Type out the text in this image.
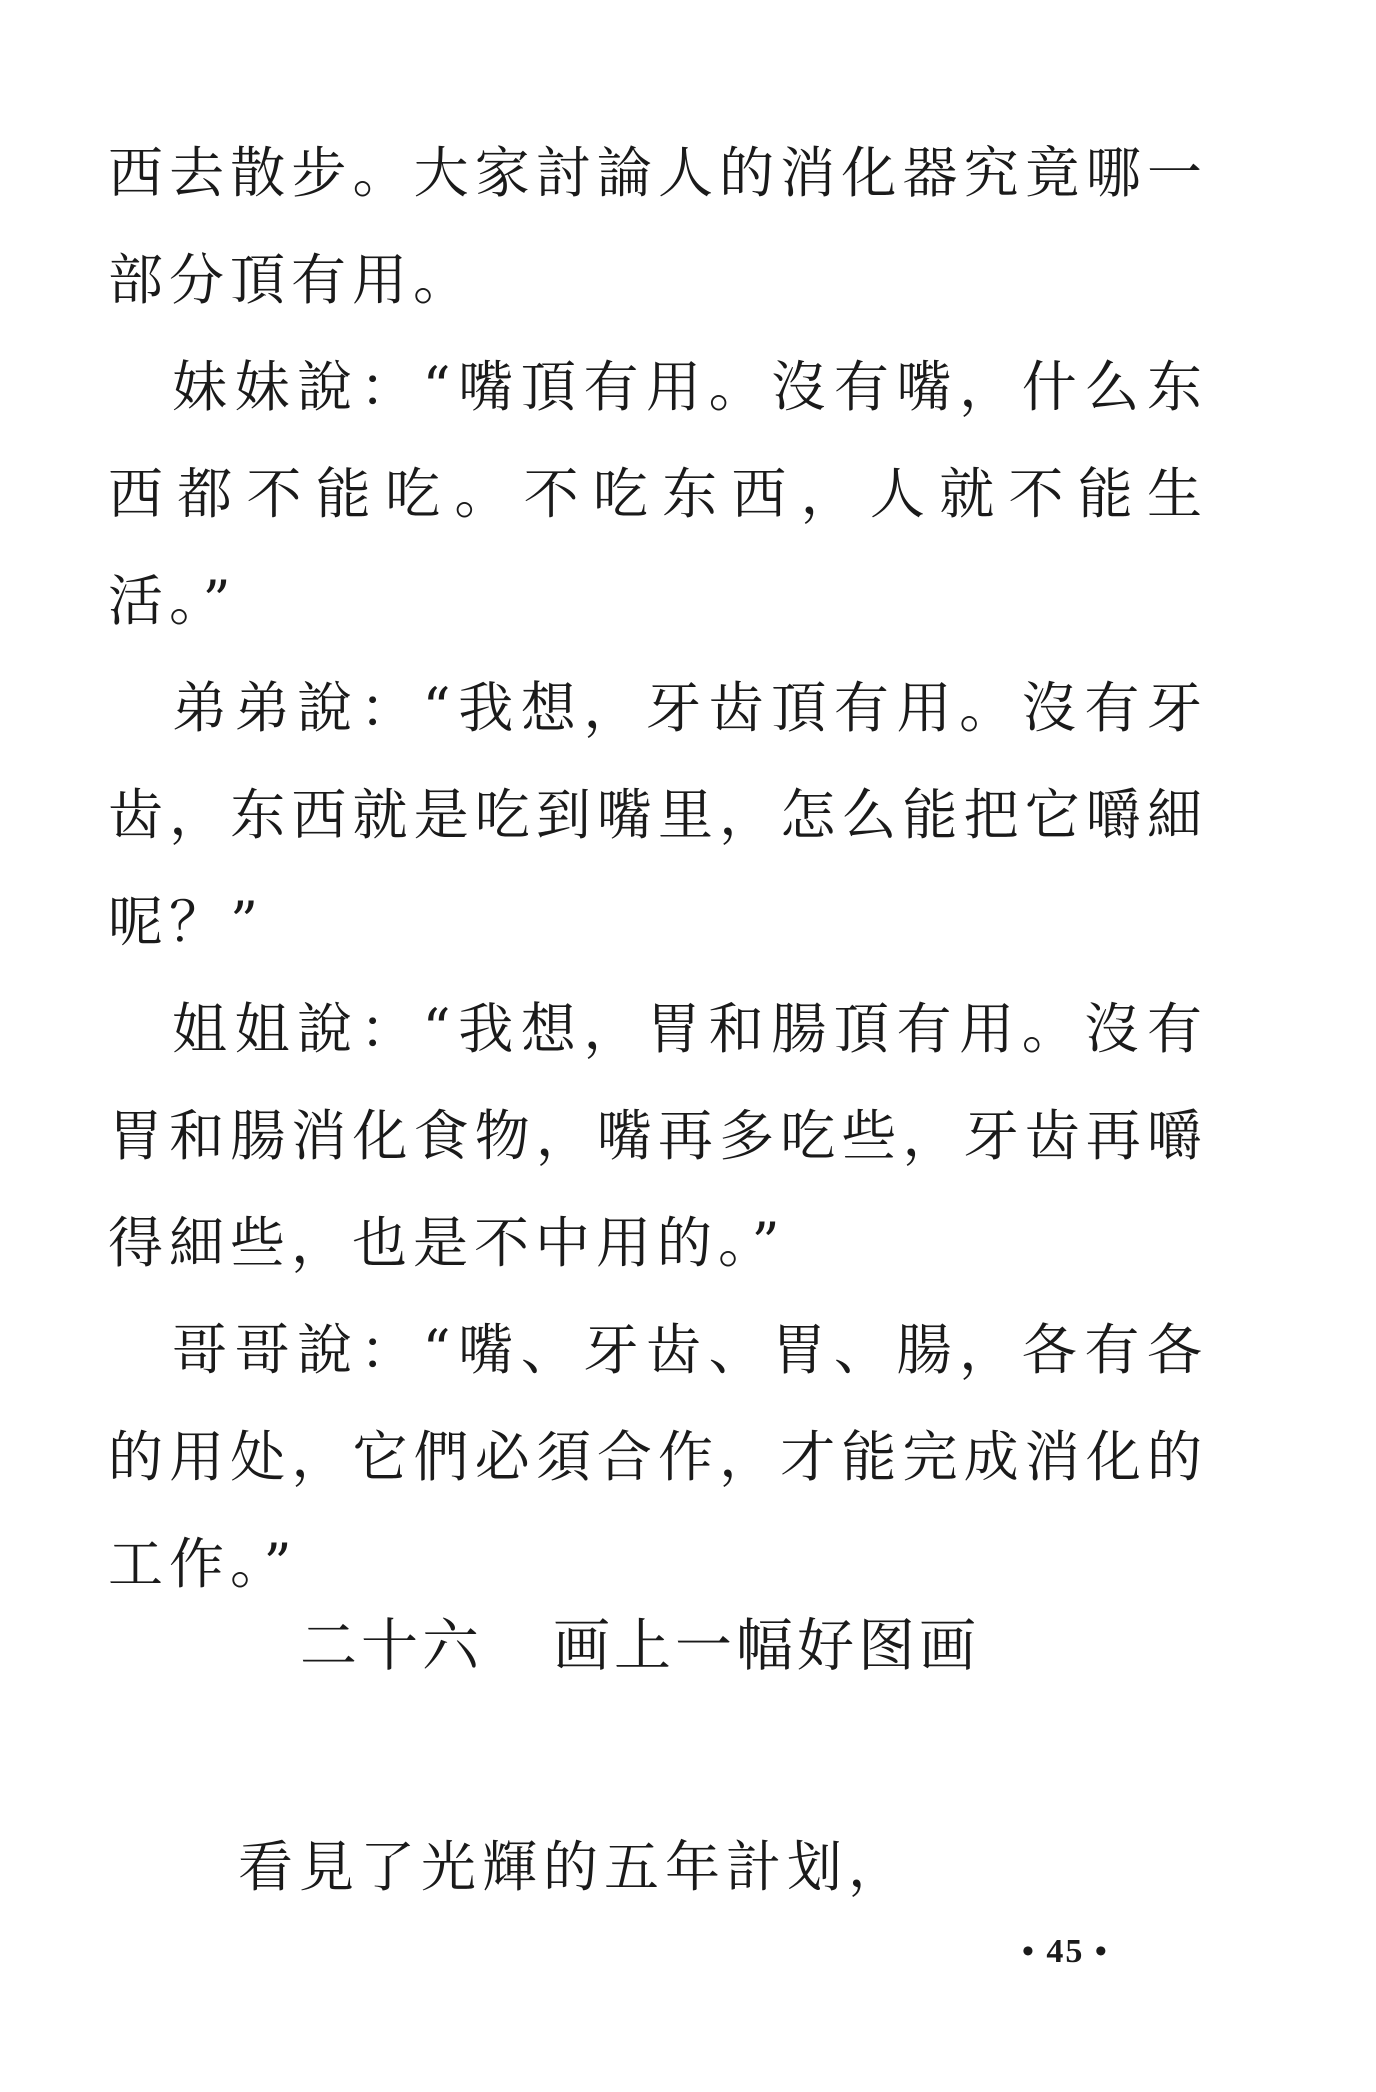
西去散步。大家討論人的消化器究竟哪一部分頂有用。

妹妹說：“嘴頂有用。沒有嘴，什么东西都不能吃。不吃东西，人就不能生活。”

弟弟說：“我想，牙齿頂有用。沒有牙齿，东西就是吃到嘴里，怎么能把它嚼細呢？”

姐姐說：“我想，胃和腸頂有用。沒有胃和腸消化食物，嘴再多吃些，牙齿再嚼得細些，也是不中用的。”

哥哥說：“嘴、牙齿、胃、腸，各有各的用处，它們必須合作，才能完成消化的工作。”

二十六 画上一幅好图画
看見了光輝的五年計划，
• 45 •
